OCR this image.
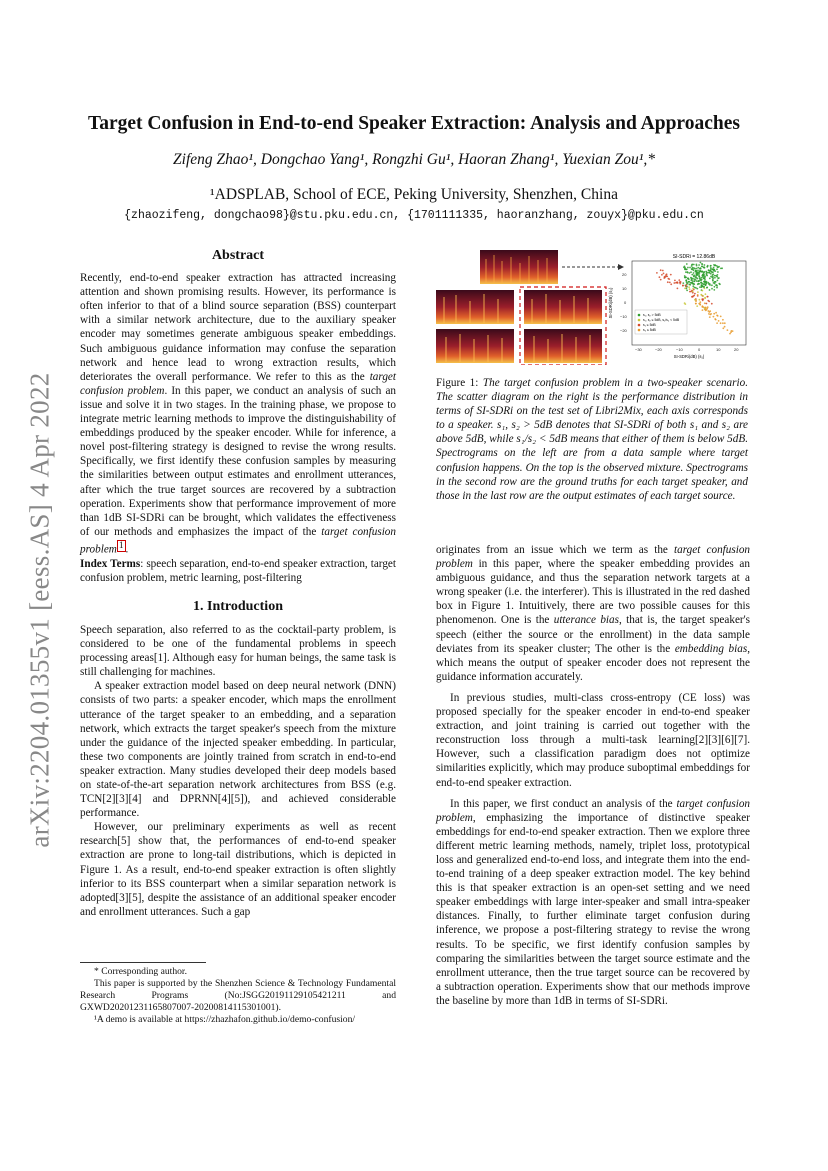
arXiv:2204.01355v1 [eess.AS] 4 Apr 2022
Target Confusion in End-to-end Speaker Extraction: Analysis and Approaches
Zifeng Zhao¹, Dongchao Yang¹, Rongzhi Gu¹, Haoran Zhang¹, Yuexian Zou¹,*
¹ADSPLAB, School of ECE, Peking University, Shenzhen, China
{zhaozifeng, dongchao98}@stu.pku.edu.cn, {1701111335, haoranzhang, zouyx}@pku.edu.cn
Abstract

Recently, end-to-end speaker extraction has attracted increasing attention and shown promising results. However, its performance is often inferior to that of a blind source separation (BSS) counterpart with a similar network architecture, due to the auxiliary speaker encoder may sometimes generate ambiguous speaker embeddings. Such ambiguous guidance information may confuse the separation network and hence lead to wrong extraction results, which deteriorates the overall performance. We refer to this as the target confusion problem. In this paper, we conduct an analysis of such an issue and solve it in two stages. In the training phase, we propose to integrate metric learning methods to improve the distinguishability of embeddings produced by the speaker encoder. While for inference, a novel post-filtering strategy is designed to revise the wrong results. Specifically, we first identify these confusion samples by measuring the similarities between output estimates and enrollment utterances, after which the true target sources are recovered by a subtraction operation. Experiments show that performance improvement of more than 1dB SI-SDRi can be brought, which validates the effectiveness of our methods and emphasizes the impact of the target confusion problem $^1$ .

Index Terms: speech separation, end-to-end speaker extraction, target confusion problem, metric learning, post-filtering

1. Introduction

Speech separation, also referred to as the cocktail-party problem, is considered to be one of the fundamental problems in speech processing areas[1]. Although easy for human beings, the same task is still challenging for machines.

A speaker extraction model based on deep neural network (DNN) consists of two parts: a speaker encoder, which maps the enrollment utterance of the target speaker to an embedding, and a separation network, which extracts the target speaker's speech from the mixture under the guidance of the injected speaker embedding. In particular, these two components are jointly trained from scratch in end-to-end speaker extraction. Many studies developed their deep models based on state-of-the-art separation network architectures from BSS (e.g. TCN[2][3][4] and DPRNN[4][5]), and achieved considerable performance.

However, our preliminary experiments as well as recent research[5] show that, the performances of end-to-end speaker extraction are prone to long-tail distributions, which is depicted in Figure 1. As a result, end-to-end speaker extraction is often slightly inferior to its BSS counterpart when a similar separation network is adopted[3][5], despite the assistance of an additional speaker encoder and enrollment utterances. Such a gap

* Corresponding author.

This paper is supported by the Shenzhen Science & Technology Fundamental Research Programs (No:JSGG20191129105421211 and GXWD20201231165807007-20200814115301001).

¹A demo is available at https://zhazhafon.github.io/demo-confusion/

SI-SDRi = 12.86dB
SI-SDRi(dB) (s₂)
SI-SDRi(dB) (s₁)
−30	−20	−10	0	10	20
20
10
0
−10
−20
s₁, s₂ > 5dB
s₁, s₂ ≤ 5dB, s₁/s₂ < 5dB
s₁ ≤ 5dB
s₂ ≤ 5dB
Figure 1: The target confusion problem in a two-speaker scenario. The scatter diagram on the right is the performance distribution in terms of SI-SDRi on the test set of Libri2Mix, each axis corresponds to a speaker. s₁, s₂ > 5dB denotes that SI-SDRi of both s₁ and s₂ are above 5dB, while s₁/s₂ < 5dB means that either of them is below 5dB. Spectrograms on the left are from a data sample where target confusion happens. On the top is the observed mixture. Spectrograms in the second row are the ground truths for each target speaker, and those in the last row are the output estimates of each target source.

originates from an issue which we term as the target confusion problem in this paper, where the speaker embedding provides an ambiguous guidance, and thus the separation network targets at a wrong speaker (i.e. the interferer). This is illustrated in the red dashed box in Figure 1. Intuitively, there are two possible causes for this phenomenon. One is the utterance bias, that is, the target speaker's speech (either the source or the enrollment) in the data sample deviates from its speaker cluster; The other is the embedding bias, which means the output of speaker encoder does not represent the guidance information accurately.

In previous studies, multi-class cross-entropy (CE loss) was proposed specially for the speaker encoder in end-to-end speaker extraction, and joint training is carried out together with the reconstruction loss through a multi-task learning[2][3][6][7]. However, such a classification paradigm does not optimize similarities explicitly, which may produce suboptimal embeddings for end-to-end speaker extraction.

In this paper, we first conduct an analysis of the target confusion problem, emphasizing the importance of distinctive speaker embeddings for end-to-end speaker extraction. Then we explore three different metric learning methods, namely, triplet loss, prototypical loss and generalized end-to-end loss, and integrate them into the end-to-end training of a deep speaker extraction model. The key behind this is that speaker extraction is an open-set setting and we need speaker embeddings with large inter-speaker and small intra-speaker distances. Finally, to further eliminate target confusion during inference, we propose a post-filtering strategy to revise the wrong results. To be specific, we first identify confusion samples by comparing the similarities between the target source estimate and the enrollment utterance, then the true target source can be recovered by a subtraction operation. Experiments show that our methods improve the baseline by more than 1dB in terms of SI-SDRi.
